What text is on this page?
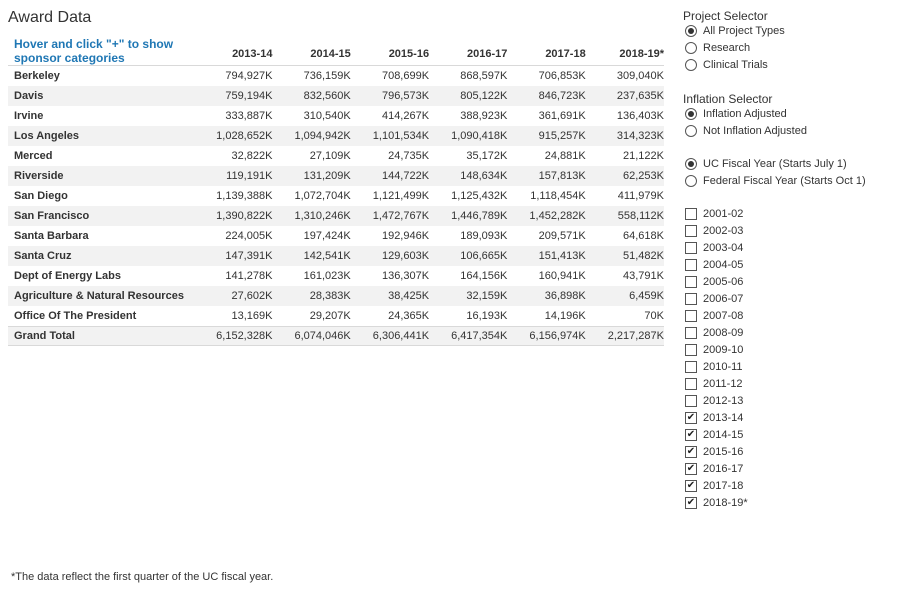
Award Data
Hover and click "+" to show sponsor categories	2013-14	2014-15	2015-16	2016-17	2017-18	2018-19*
Berkeley	794,927K	736,159K	708,699K	868,597K	706,853K	309,040K
Davis	759,194K	832,560K	796,573K	805,122K	846,723K	237,635K
Irvine	333,887K	310,540K	414,267K	388,923K	361,691K	136,403K
Los Angeles	1,028,652K	1,094,942K	1,101,534K	1,090,418K	915,257K	314,323K
Merced	32,822K	27,109K	24,735K	35,172K	24,881K	21,122K
Riverside	119,191K	131,209K	144,722K	148,634K	157,813K	62,253K
San Diego	1,139,388K	1,072,704K	1,121,499K	1,125,432K	1,118,454K	411,979K
San Francisco	1,390,822K	1,310,246K	1,472,767K	1,446,789K	1,452,282K	558,112K
Santa Barbara	224,005K	197,424K	192,946K	189,093K	209,571K	64,618K
Santa Cruz	147,391K	142,541K	129,603K	106,665K	151,413K	51,482K
Dept of Energy Labs	141,278K	161,023K	136,307K	164,156K	160,941K	43,791K
Agriculture & Natural Resources	27,602K	28,383K	38,425K	32,159K	36,898K	6,459K
Office Of The President	13,169K	29,207K	24,365K	16,193K	14,196K	70K
Grand Total	6,152,328K	6,074,046K	6,306,441K	6,417,354K	6,156,974K	2,217,287K
Project Selector
All Project Types
Research
Clinical Trials
Inflation Selector
Inflation Adjusted
Not Inflation Adjusted
UC Fiscal Year (Starts July 1)
Federal Fiscal Year (Starts Oct 1)
2001-02
2002-03
2003-04
2004-05
2005-06
2006-07
2007-08
2008-09
2009-10
2010-11
2011-12
2012-13
✔ 2013-14
✔ 2014-15
✔ 2015-16
✔ 2016-17
✔ 2017-18
✔ 2018-19*
*The data reflect the first quarter of the UC fiscal year.
